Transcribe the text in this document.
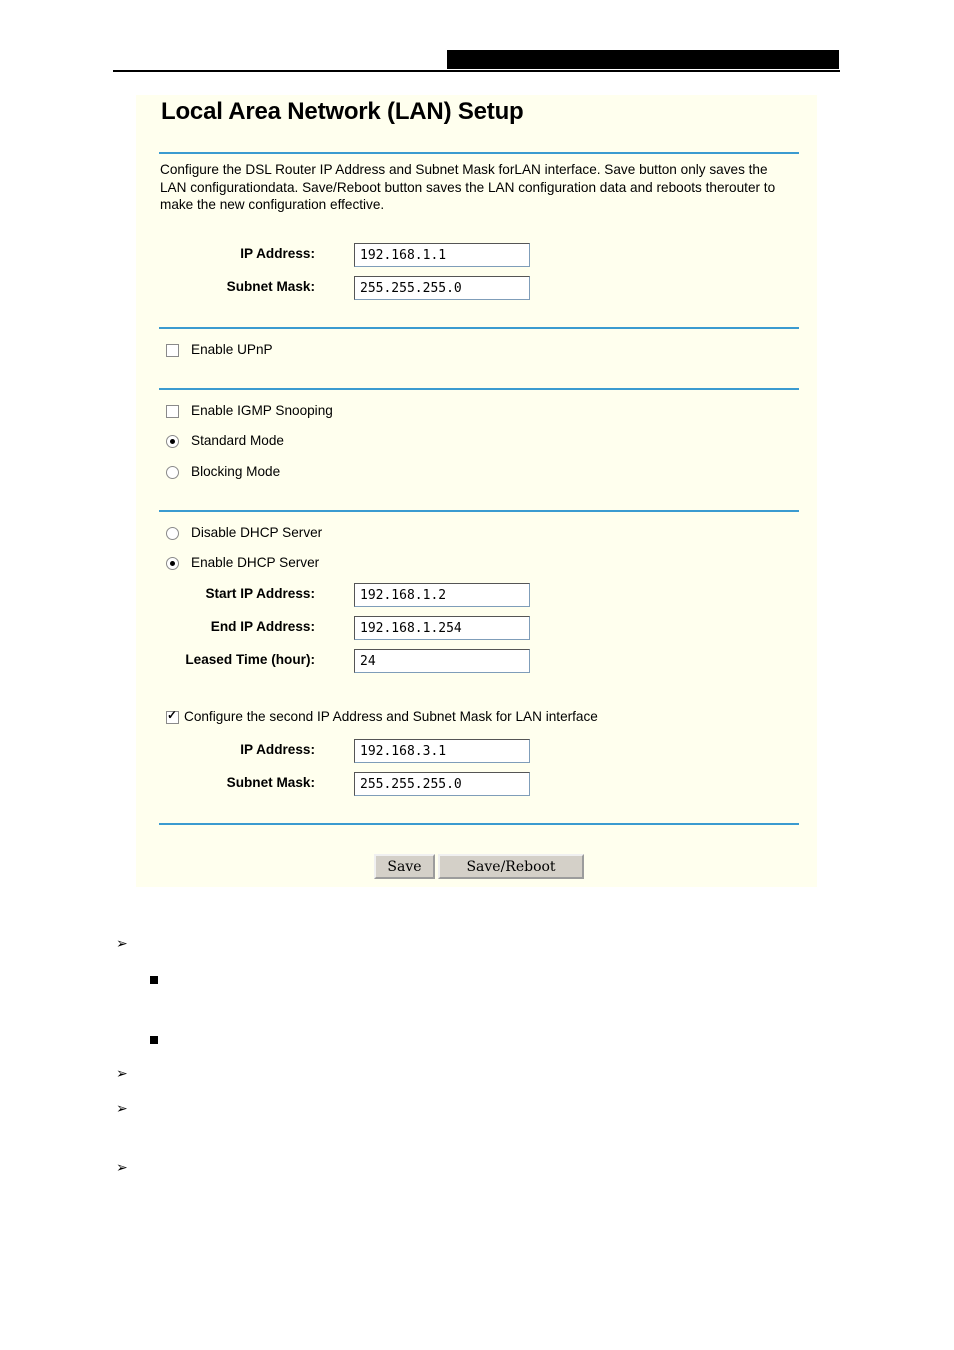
Local Area Network (LAN) Setup
Configure the DSL Router IP Address and Subnet Mask forLAN interface. Save button only saves the LAN configurationdata. Save/Reboot button saves the LAN configuration data and reboots therouter to make the new configuration effective.
IP Address:
192.168.1.1
Subnet Mask:
255.255.255.0
Enable UPnP
Enable IGMP Snooping
Standard Mode
Blocking Mode
Disable DHCP Server
Enable DHCP Server
Start IP Address:
192.168.1.2
End IP Address:
192.168.1.254
Leased Time (hour):
24
✓
Configure the second IP Address and Subnet Mask for LAN interface
IP Address:
192.168.3.1
Subnet Mask:
255.255.255.0
Save	Save/Reboot
➢
➢
➢
➢
